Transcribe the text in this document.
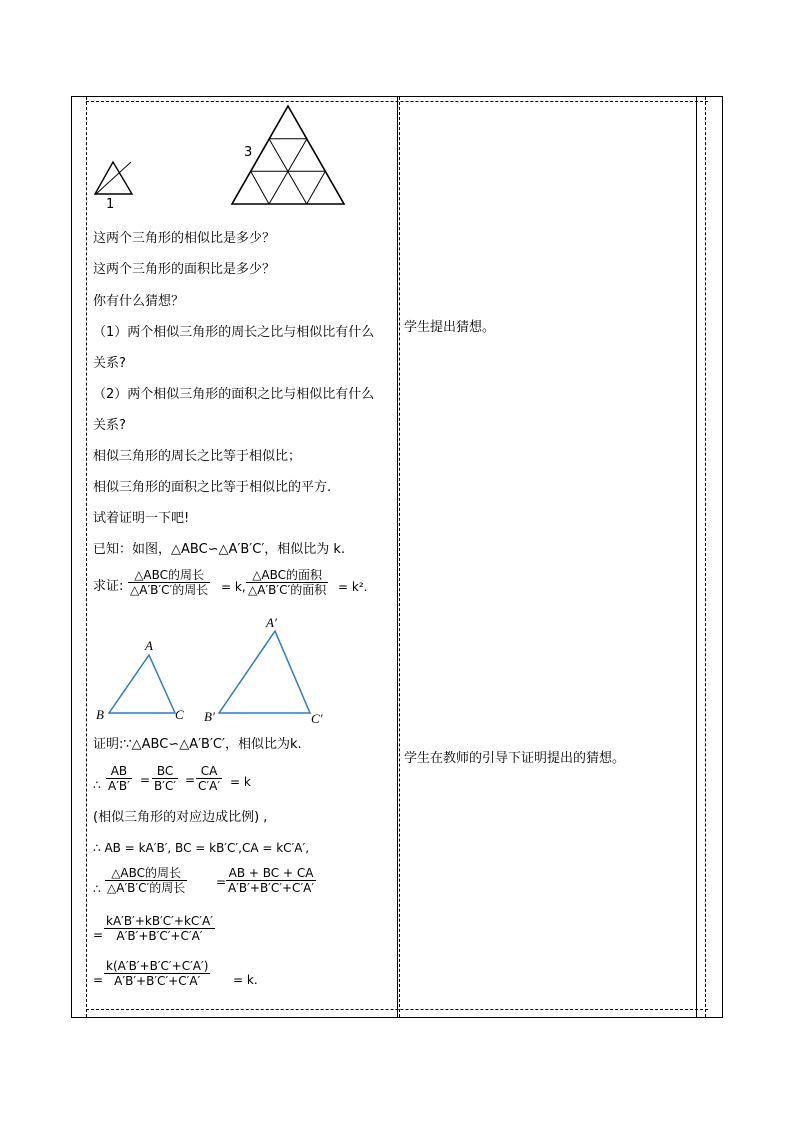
1
3
这两个三角形的相似比是多少？
这两个三角形的面积比是多少？
你有什么猜想？
（1）两个相似三角形的周长之比与相似比有什么
关系?
（2）两个相似三角形的面积之比与相似比有什么
关系?
相似三角形的周长之比等于相似比；
相似三角形的面积之比等于相似比的平方.
试着证明一下吧!
已知：如图，△ABC∽△A′B′C′，相似比为 k.
求证:
△ABC的周长
△A′B′C′的周长 = k,
△ABC的面积
△A′B′C′的面积 = k².
A
B	C
A′
B′	C′
证明:∵△ABC∽△A′B′C′，相似比为k.
∴
AB
A′B′ =
BC
B′C′ =
CA
C′A′ = k
(相似三角形的对应边成比例) ,
∴ AB = kA′B′, BC = kB′C′,CA = kC′A′,
∴
△ABC的周长
△A′B′C′的周长	=
AB + BC + CA
A′B′+B′C′+C′A′
=
kA′B′+kB′C′+kC′A′
A′B′+B′C′+C′A′
=
k(A′B′+B′C′+C′A′)
A′B′+B′C′+C′A′	= k.
学生提出猜想。
学生在教师的引导下证明提出的猜想。
